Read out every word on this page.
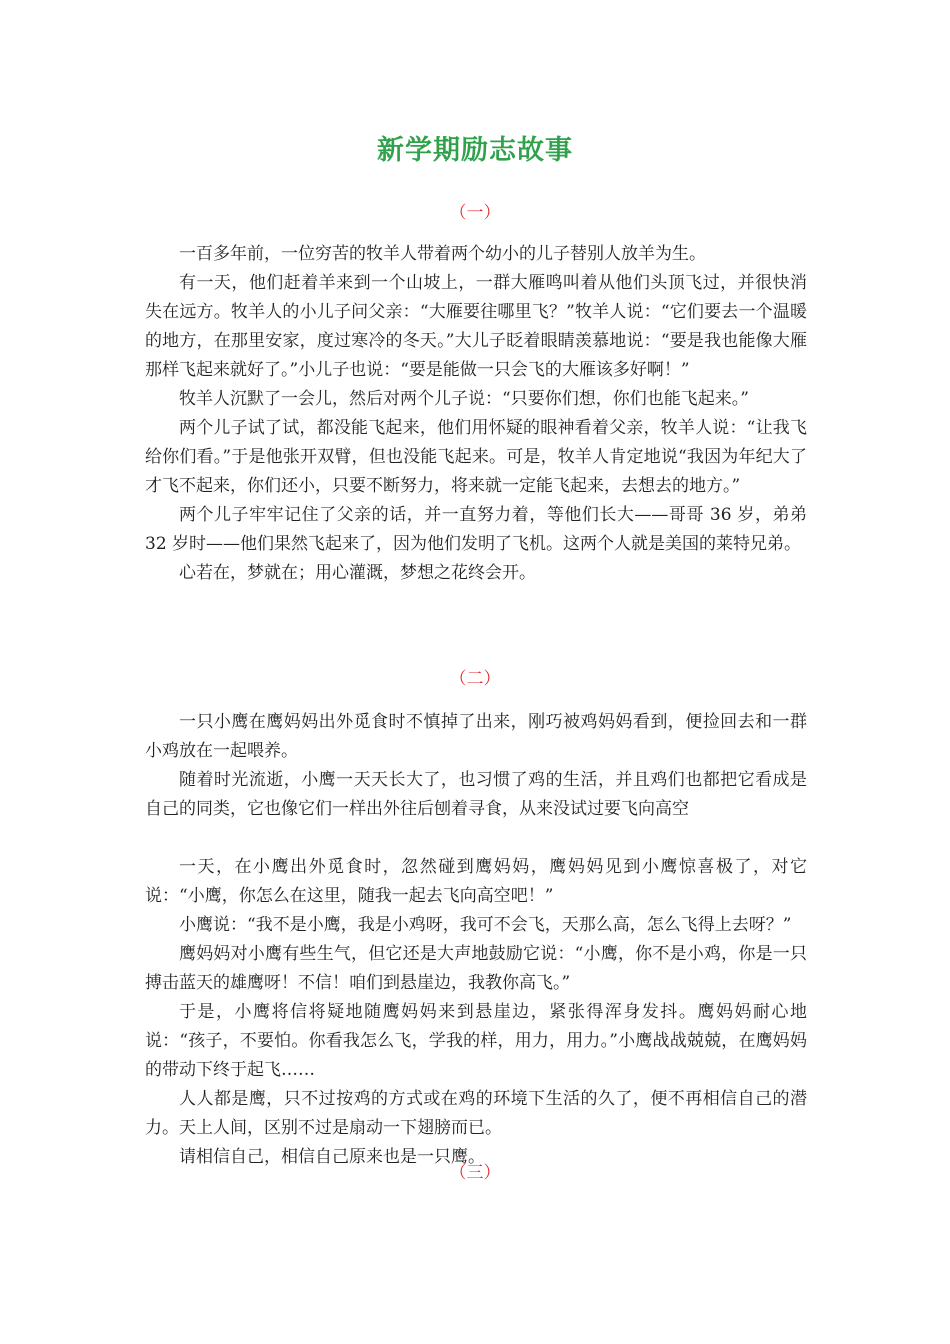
新学期励志故事
（一）

一百多年前，一位穷苦的牧羊人带着两个幼小的儿子替别人放羊为生。

有一天，他们赶着羊来到一个山坡上，一群大雁鸣叫着从他们头顶飞过，并很快消失在远方。牧羊人的小儿子问父亲：“大雁要往哪里飞？”牧羊人说：“它们要去一个温暖的地方，在那里安家，度过寒冷的冬天。”大儿子眨着眼睛羡慕地说：“要是我也能像大雁那样飞起来就好了。”小儿子也说：“要是能做一只会飞的大雁该多好啊！”

牧羊人沉默了一会儿，然后对两个儿子说：“只要你们想，你们也能飞起来。”

两个儿子试了试，都没能飞起来，他们用怀疑的眼神看着父亲，牧羊人说：“让我飞给你们看。”于是他张开双臂，但也没能飞起来。可是，牧羊人肯定地说“我因为年纪大了才飞不起来，你们还小，只要不断努力，将来就一定能飞起来，去想去的地方。”

两个儿子牢牢记住了父亲的话，并一直努力着，等他们长大——哥哥 36 岁，弟弟 32 岁时——他们果然飞起来了，因为他们发明了飞机。这两个人就是美国的莱特兄弟。

心若在，梦就在；用心灌溉，梦想之花终会开。

（二）

一只小鹰在鹰妈妈出外觅食时不慎掉了出来，刚巧被鸡妈妈看到，便捡回去和一群小鸡放在一起喂养。

随着时光流逝，小鹰一天天长大了，也习惯了鸡的生活，并且鸡们也都把它看成是自己的同类，它也像它们一样出外往后刨着寻食，从来没试过要飞向高空

一天，在小鹰出外觅食时，忽然碰到鹰妈妈，鹰妈妈见到小鹰惊喜极了，对它说：“小鹰，你怎么在这里，随我一起去飞向高空吧！”

小鹰说：“我不是小鹰，我是小鸡呀，我可不会飞，天那么高，怎么飞得上去呀？”

鹰妈妈对小鹰有些生气，但它还是大声地鼓励它说：“小鹰，你不是小鸡，你是一只搏击蓝天的雄鹰呀！不信！咱们到悬崖边，我教你高飞。”

于是，小鹰将信将疑地随鹰妈妈来到悬崖边，紧张得浑身发抖。鹰妈妈耐心地说：“孩子，不要怕。你看我怎么飞，学我的样，用力，用力。”小鹰战战兢兢，在鹰妈妈的带动下终于起飞……

人人都是鹰，只不过按鸡的方式或在鸡的环境下生活的久了，便不再相信自己的潜力。天上人间，区别不过是扇动一下翅膀而已。

请相信自己，相信自己原来也是一只鹰。

（三）
